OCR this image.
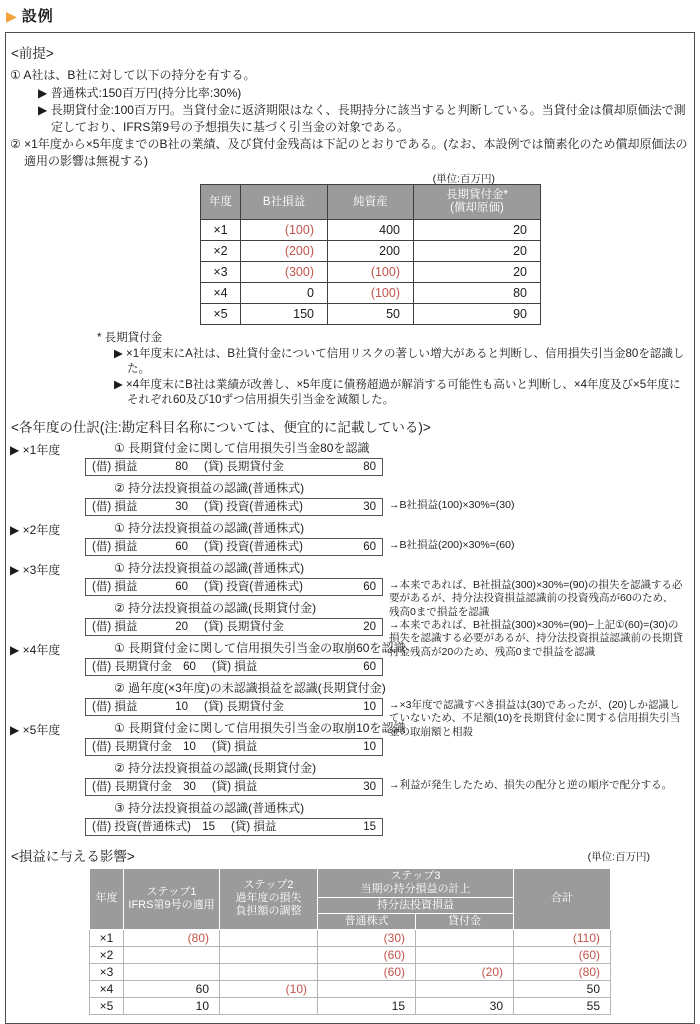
▶ 設例
<前提>
① A社は、B社に対して以下の持分を有する。
▶ 普通株式:150百万円(持分比率:30%)
▶ 長期貸付金:100百万円。当貸付金に返済期限はなく、長期持分に該当すると判断している。当貸付金は償却原価法で測定しており、IFRS第9号の予想損失に基づく引当金の対象である。
② ×1年度から×5年度までのB社の業績、及び貸付金残高は下記のとおりである。(なお、本設例では簡素化のため償却原価法の適用の影響は無視する)
(単位:百万円)
年度	B社損益	純資産	長期貸付金*
(償却原価)
×1	(100)	400	20
×2	(200)	200	20
×3	(300)	(100)	20
×4	0	(100)	80
×5	150	50	90
* 長期貸付金
▶ ×1年度末にA社は、B社貸付金について信用リスクの著しい増大があると判断し、信用損失引当金80を認識した。
▶ ×4年度末にB社は業績が改善し、×5年度に債務超過が解消する可能性も高いと判断し、×4年度及び×5年度にそれぞれ60及び10ずつ信用損失引当金を減額した。
<各年度の仕訳(注:勘定科目名称については、便宜的に記載している)>
▶ ×1年度	① 長期貸付金に関して信用損失引当金80を認識
(借) 損益	80 (貸) 長期貸付金	80
② 持分法投資損益の認識(普通株式)
(借) 損益	30 (貸) 投資(普通株式)	30 →B社損益(100)×30%=(30)
▶ ×2年度	① 持分法投資損益の認識(普通株式)
(借) 損益	60 (貸) 投資(普通株式)	60 →B社損益(200)×30%=(60)
▶ ×3年度	① 持分法投資損益の認識(普通株式)
(借) 損益	60 (貸) 投資(普通株式)	60 →本来であれば、B社損益(300)×30%=(90)の損失を認識する必要があるが、持分法投資損益認識前の投資残高が60のため、残高0まで損益を認識
② 持分法投資損益の認識(長期貸付金)
(借) 損益	20 (貸) 長期貸付金	20 →本来であれば、B社損益(300)×30%=(90)−上記①(60)=(30)の損失を認識する必要があるが、持分法投資損益認識前の長期貸付金残高が20のため、残高0まで損益を認識
▶ ×4年度	① 長期貸付金に関して信用損失引当金の取崩60を認識
(借) 長期貸付金 60 (貸) 損益	60
② 過年度(×3年度)の未認識損益を認識(長期貸付金)
(借) 損益	10 (貸) 長期貸付金	10 →×3年度で認識すべき損益は(30)であったが、(20)しか認識していないため、不足額(10)を長期貸付金に関する信用損失引当金の取崩額と相殺
▶ ×5年度	① 長期貸付金に関して信用損失引当金の取崩10を認識
(借) 長期貸付金 10 (貸) 損益	10
② 持分法投資損益の認識(長期貸付金)
(借) 長期貸付金 30 (貸) 損益	30 →利益が発生したため、損失の配分と逆の順序で配分する。
③ 持分法投資損益の認識(普通株式)
(借) 投資(普通株式) 15 (貸) 損益	15
<損益に与える影響>	(単位:百万円)
年度	ステップ1
IFRS第9号の適用	ステップ2
過年度の損失
負担額の調整	ステップ3
当期の持分損益の計上		合計
			持分法投資損益		
			普通株式	貸付金	
×1	(80)		(30)		(110)
×2			(60)		(60)
×3			(60)	(20)	(80)
×4	60	(10)			50
×5	10		15	30	55
